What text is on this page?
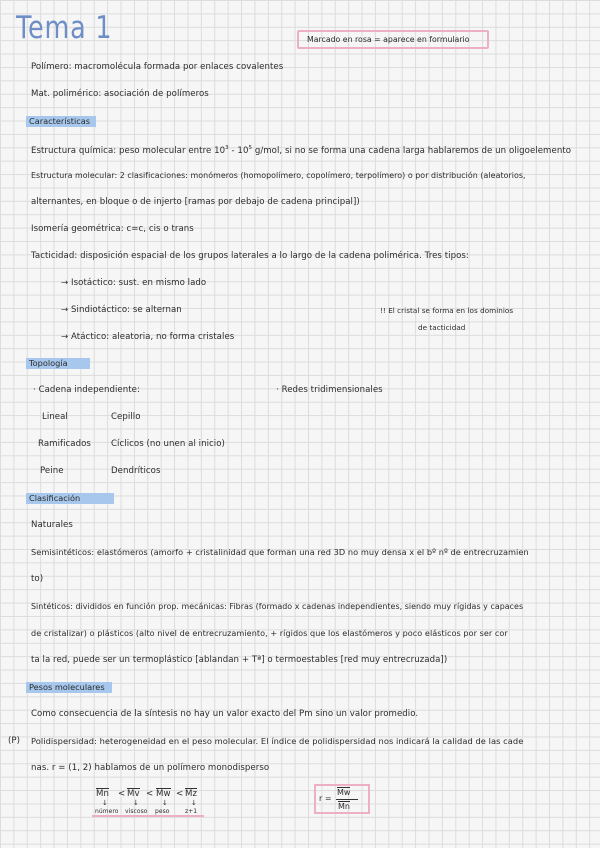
Tema 1	Marcado en rosa = aparece en formulario
Polímero: macromolécula formada por enlaces covalentes
Mat. polimérico: asociación de polímeros
Características
Estructura química: peso molecular entre $10^3 - 10^5$ g/mol, si no se forma una cadena larga hablaremos de un oligoelemento
Estructura molecular: 2 clasificaciones: monómeros (homopolímero, copolímero, terpolímero) o por distribución (aleatorios,
alternantes, en bloque o de injerto [ramas por debajo de cadena principal])
Isomería geométrica: c=c, cis o trans
Tacticidad: disposición espacial de los grupos laterales a lo largo de la cadena polimérica. Tres tipos:
→ Isotáctico: sust. en mismo lado
→ Sindiotáctico: se alternan	!! El cristal se forma en los dominios
de tacticidad
→ Atáctico: aleatoria, no forma cristales
Topología
· Cadena independiente:	· Redes tridimensionales
Lineal	Cepillo
Ramificados Cíclicos (no unen al inicio)
Peine	Dendríticos
Clasificación
Naturales
Semisintéticos: elastómeros (amorfo + cristalinidad que forman una red 3D no muy densa x el bº nº de entrecruzamien
to)
Sintéticos: divididos en función prop. mecánicas: Fibras (formado x cadenas independientes, siendo muy rígidas y capaces
de cristalizar) o plásticos (alto nivel de entrecruzamiento, + rígidos que los elastómeros y poco elásticos por ser cor
ta la red, puede ser un termoplástico [ablandan + Tª] o termoestables [red muy entrecruzada])
Pesos moleculares
Como consecuencia de la síntesis no hay un valor exacto del Pm sino un valor promedio.
(P) Polidispersidad: heterogeneidad en el peso molecular. El índice de polidispersidad nos indicará la calidad de las cade
nas. r = (1, 2) hablamos de un polímero monodisperso
Mn < Mv < Mw < Mz
↓	↓	↓	↓
número viscoso peso	z+1
r =
Mw
Mn
